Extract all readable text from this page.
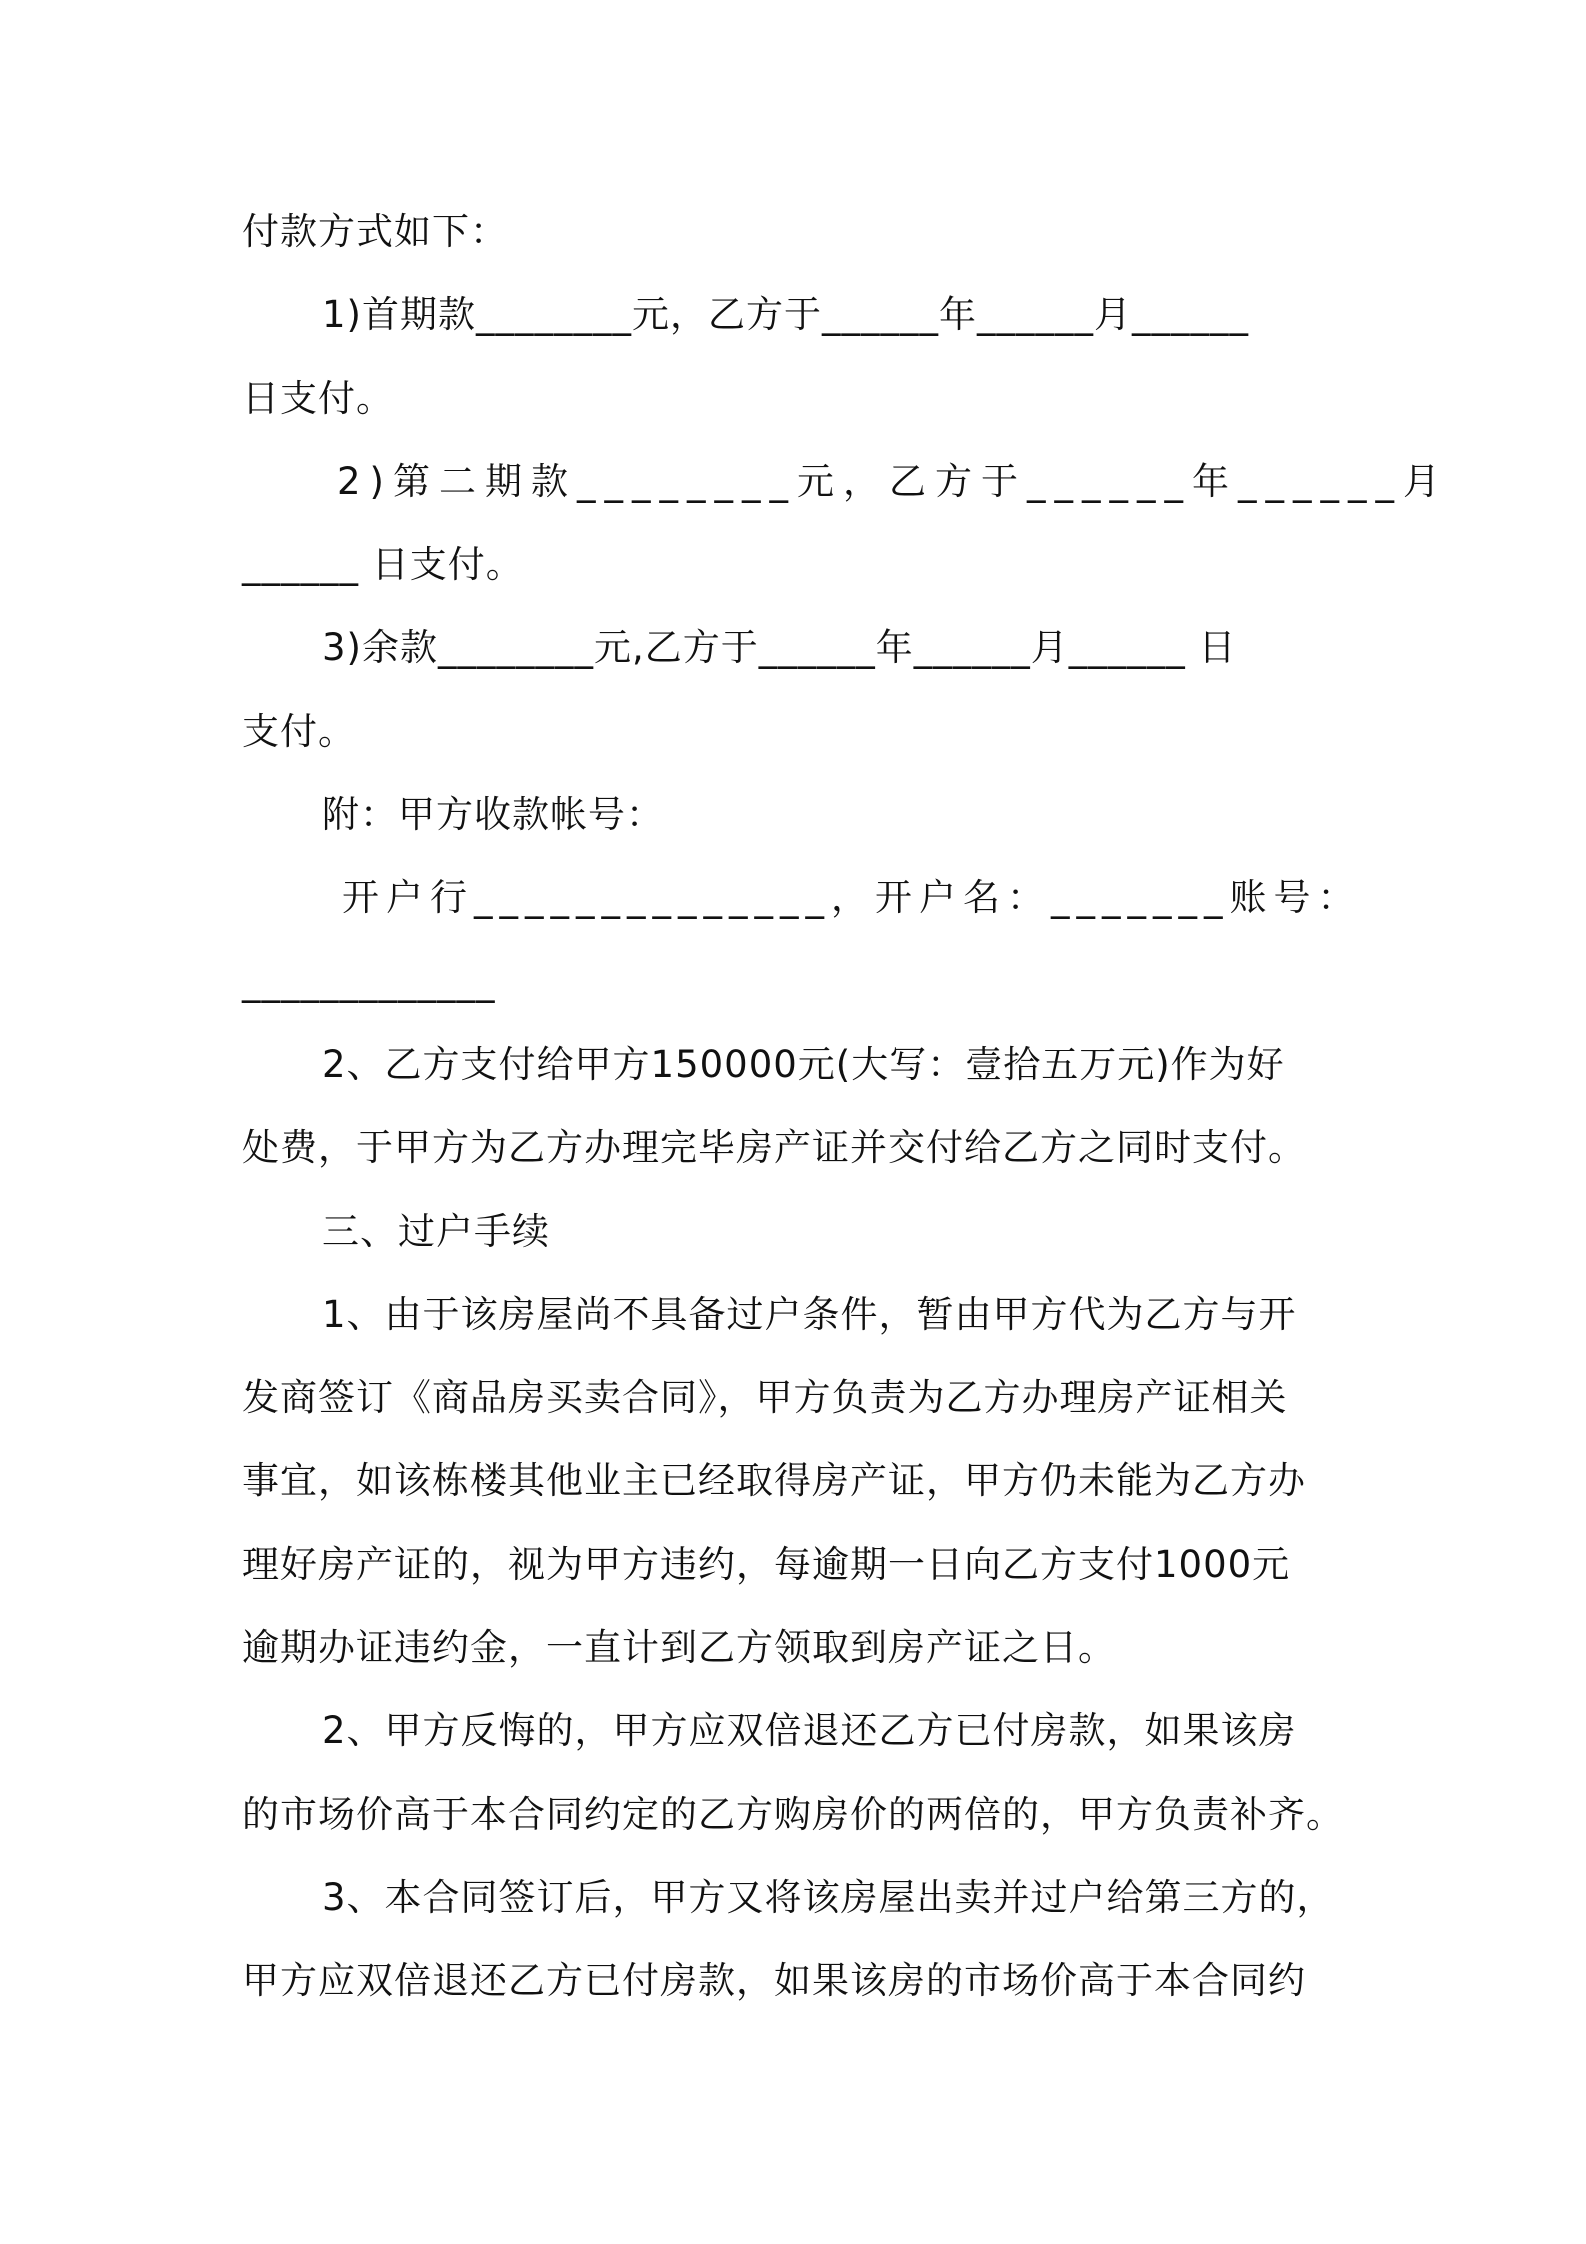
付款方式如下：
1)首期款________元，乙方于______年______月______
日支付。
2)第二期款________元，乙方于______年______月
______ 日支付。
3)余款________元,乙方于______年______月______ 日
支付。
附：甲方收款帐号：
开户行______________，开户名：_______账号：
_____________
2、乙方支付给甲方150000元(大写：壹拾五万元)作为好
处费，于甲方为乙方办理完毕房产证并交付给乙方之同时支付。
三、过户手续
1、由于该房屋尚不具备过户条件，暂由甲方代为乙方与开
发商签订《商品房买卖合同》，甲方负责为乙方办理房产证相关
事宜，如该栋楼其他业主已经取得房产证，甲方仍未能为乙方办
理好房产证的，视为甲方违约，每逾期一日向乙方支付1000元
逾期办证违约金，一直计到乙方领取到房产证之日。
2、甲方反悔的，甲方应双倍退还乙方已付房款，如果该房
的市场价高于本合同约定的乙方购房价的两倍的，甲方负责补齐。
3、本合同签订后，甲方又将该房屋出卖并过户给第三方的，
甲方应双倍退还乙方已付房款，如果该房的市场价高于本合同约
